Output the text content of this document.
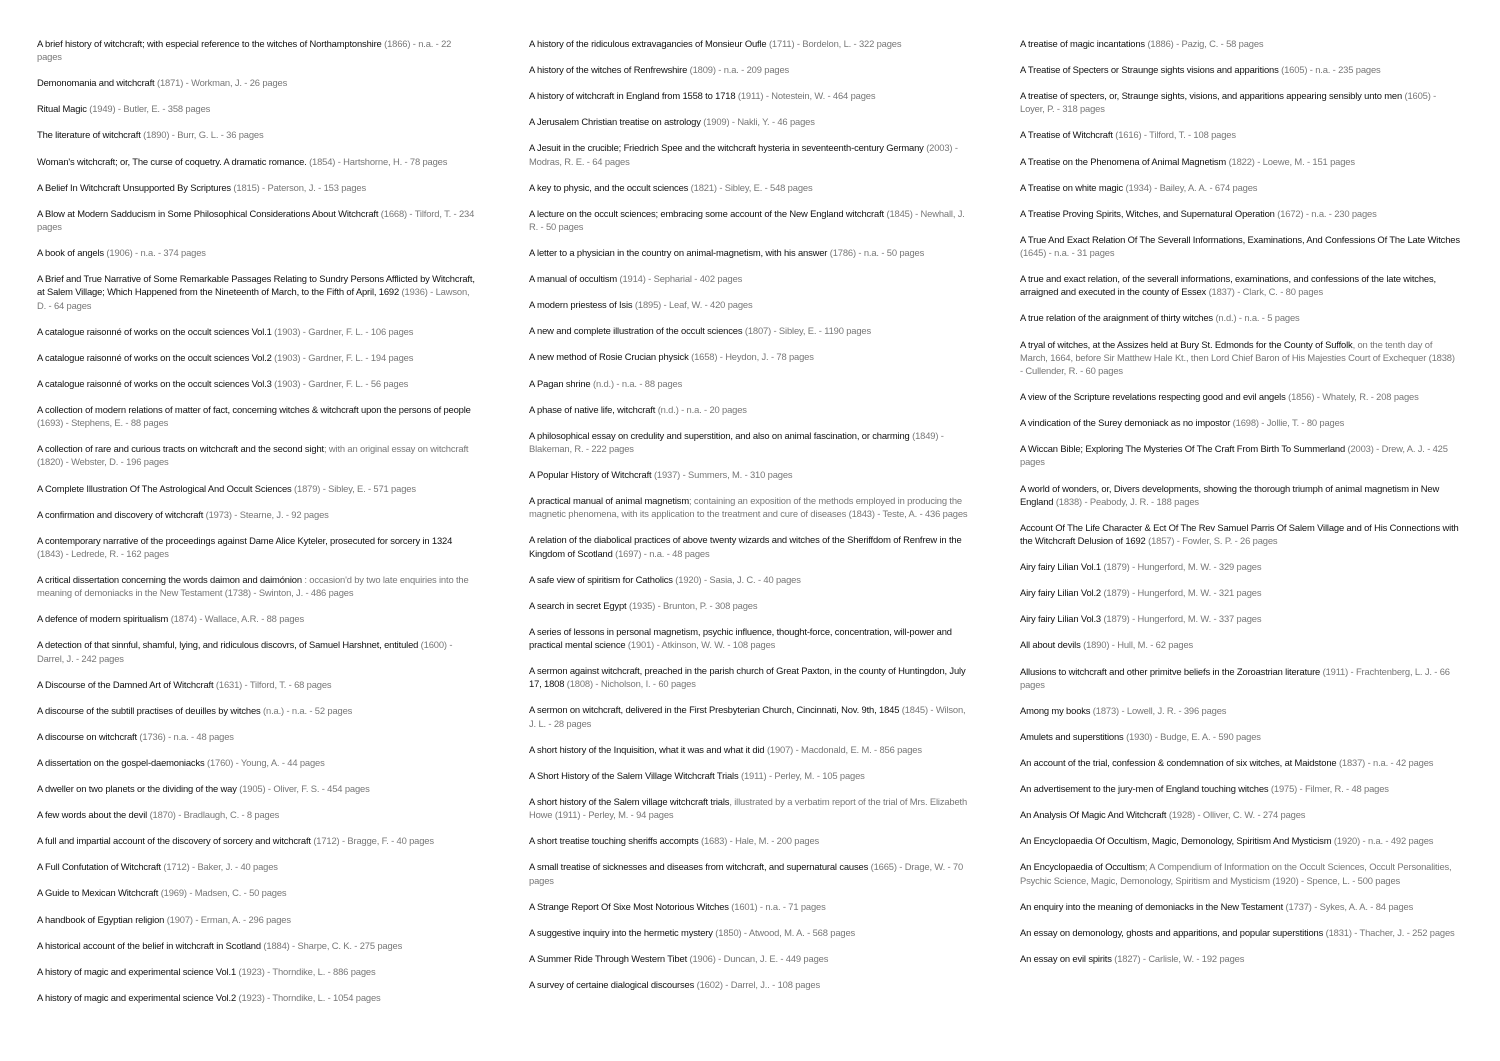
A brief history of witchcraft; with especial reference to the witches of Northamptonshire (1866) - n.a. - 22 pages

Demonomania and witchcraft (1871) - Workman, J. - 26 pages

Ritual Magic (1949) - Butler, E. - 358 pages

The literature of witchcraft (1890) - Burr, G. L. - 36 pages

Woman's witchcraft; or, The curse of coquetry. A dramatic romance. (1854) - Hartshorne, H. - 78 pages

A Belief In Witchcraft Unsupported By Scriptures (1815) - Paterson, J. - 153 pages

A Blow at Modern Sadducism in Some Philosophical Considerations About Witchcraft (1668) - Tilford, T. - 234 pages

A book of angels (1906) - n.a. - 374 pages

A Brief and True Narrative of Some Remarkable Passages Relating to Sundry Persons Afflicted by Witchcraft, at Salem Village; Which Happened from the Nineteenth of March, to the Fifth of April, 1692 (1936) - Lawson, D. - 64 pages

A catalogue raisonné of works on the occult sciences Vol.1 (1903) - Gardner, F. L. - 106 pages

A catalogue raisonné of works on the occult sciences Vol.2 (1903) - Gardner, F. L. - 194 pages

A catalogue raisonné of works on the occult sciences Vol.3 (1903) - Gardner, F. L. - 56 pages

A collection of modern relations of matter of fact, concerning witches & witchcraft upon the persons of people (1693) - Stephens, E. - 88 pages

A collection of rare and curious tracts on witchcraft and the second sight; with an original essay on witchcraft (1820) - Webster, D. - 196 pages

A Complete Illustration Of The Astrological And Occult Sciences (1879) - Sibley, E. - 571 pages

A confirmation and discovery of witchcraft (1973) - Stearne, J. - 92 pages

A contemporary narrative of the proceedings against Dame Alice Kyteler, prosecuted for sorcery in 1324 (1843) - Ledrede, R. - 162 pages

A critical dissertation concerning the words daimon and daimónion : occasion'd by two late enquiries into the meaning of demoniacks in the New Testament (1738) - Swinton, J. - 486 pages

A defence of modern spiritualism (1874) - Wallace, A.R. - 88 pages

A detection of that sinnful, shamful, lying, and ridiculous discovrs, of Samuel Harshnet, entituled (1600) - Darrel, J. - 242 pages

A Discourse of the Damned Art of Witchcraft (1631) - Tilford, T. - 68 pages

A discourse of the subtill practises of deuilles by witches (n.a.) - n.a. - 52 pages

A discourse on witchcraft (1736) - n.a. - 48 pages

A dissertation on the gospel-daemoniacks (1760) - Young, A. - 44 pages

A dweller on two planets or the dividing of the way (1905) - Oliver, F. S. - 454 pages

A few words about the devil (1870) - Bradlaugh, C. - 8 pages

A full and impartial account of the discovery of sorcery and witchcraft (1712) - Bragge, F. - 40 pages

A Full Confutation of Witchcraft (1712) - Baker, J. - 40 pages

A Guide to Mexican Witchcraft (1969) - Madsen, C. - 50 pages

A handbook of Egyptian religion (1907) - Erman, A. - 296 pages

A historical account of the belief in witchcraft in Scotland (1884) - Sharpe, C. K. - 275 pages

A history of magic and experimental science Vol.1 (1923) - Thorndike, L. - 886 pages

A history of magic and experimental science Vol.2 (1923) - Thorndike, L. - 1054 pages

A history of the ridiculous extravagancies of Monsieur Oufle (1711) - Bordelon, L. - 322 pages

A history of the witches of Renfrewshire (1809) - n.a. - 209 pages

A history of witchcraft in England from 1558 to 1718 (1911) - Notestein, W. - 464 pages

A Jerusalem Christian treatise on astrology (1909) - Nakli, Y. - 46 pages

A Jesuit in the crucible; Friedrich Spee and the witchcraft hysteria in seventeenth-century Germany (2003) - Modras, R. E. - 64 pages

A key to physic, and the occult sciences (1821) - Sibley, E. - 548 pages

A lecture on the occult sciences; embracing some account of the New England witchcraft (1845) - Newhall, J. R. - 50 pages

A letter to a physician in the country on animal-magnetism, with his answer (1786) - n.a. - 50 pages

A manual of occultism (1914) - Sepharial - 402 pages

A modern priestess of Isis (1895) - Leaf, W. - 420 pages

A new and complete illustration of the occult sciences (1807) - Sibley, E. - 1190 pages

A new method of Rosie Crucian physick (1658) - Heydon, J. - 78 pages

A Pagan shrine (n.d.) - n.a. - 88 pages

A phase of native life, witchcraft (n.d.) - n.a. - 20 pages

A philosophical essay on credulity and superstition, and also on animal fascination, or charming (1849) - Blakeman, R. - 222 pages

A Popular History of Witchcraft (1937) - Summers, M. - 310 pages

A practical manual of animal magnetism; containing an exposition of the methods employed in producing the magnetic phenomena, with its application to the treatment and cure of diseases (1843) - Teste, A. - 436 pages

A relation of the diabolical practices of above twenty wizards and witches of the Sheriffdom of Renfrew in the Kingdom of Scotland (1697) - n.a. - 48 pages

A safe view of spiritism for Catholics (1920) - Sasia, J. C. - 40 pages

A search in secret Egypt (1935) - Brunton, P. - 308 pages

A series of lessons in personal magnetism, psychic influence, thought-force, concentration, will-power and practical mental science (1901) - Atkinson, W. W. - 108 pages

A sermon against witchcraft, preached in the parish church of Great Paxton, in the county of Huntingdon, July 17, 1808 (1808) - Nicholson, I. - 60 pages

A sermon on witchcraft, delivered in the First Presbyterian Church, Cincinnati, Nov. 9th, 1845 (1845) - Wilson, J. L. - 28 pages

A short history of the Inquisition, what it was and what it did (1907) - Macdonald, E. M. - 856 pages

A Short History of the Salem Village Witchcraft Trials (1911) - Perley, M. - 105 pages

A short history of the Salem village witchcraft trials, illustrated by a verbatim report of the trial of Mrs. Elizabeth Howe (1911) - Perley, M. - 94 pages

A short treatise touching sheriffs accompts (1683) - Hale, M. - 200 pages

A small treatise of sicknesses and diseases from witchcraft, and supernatural causes (1665) - Drage, W. - 70 pages

A Strange Report Of Sixe Most Notorious Witches (1601) - n.a. - 71 pages

A suggestive inquiry into the hermetic mystery (1850) - Atwood, M. A. - 568 pages

A Summer Ride Through Western Tibet (1906) - Duncan, J. E. - 449 pages

A survey of certaine dialogical discourses (1602) - Darrel, J.. - 108 pages

A treatise of magic incantations (1886) - Pazig, C. - 58 pages

A Treatise of Specters or Straunge sights visions and apparitions (1605) - n.a. - 235 pages

A treatise of specters, or, Straunge sights, visions, and apparitions appearing sensibly unto men (1605) - Loyer, P. - 318 pages

A Treatise of Witchcraft (1616) - Tilford, T. - 108 pages

A Treatise on the Phenomena of Animal Magnetism (1822) - Loewe, M. - 151 pages

A Treatise on white magic (1934) - Bailey, A. A. - 674 pages

A Treatise Proving Spirits, Witches, and Supernatural Operation (1672) - n.a. - 230 pages

A True And Exact Relation Of The Severall Informations, Examinations, And Confessions Of The Late Witches (1645) - n.a. - 31 pages

A true and exact relation, of the severall informations, examinations, and confessions of the late witches, arraigned and executed in the county of Essex (1837) - Clark, C. - 80 pages

A true relation of the araignment of thirty witches (n.d.) - n.a. - 5 pages

A tryal of witches, at the Assizes held at Bury St. Edmonds for the County of Suffolk, on the tenth day of March, 1664, before Sir Matthew Hale Kt., then Lord Chief Baron of His Majesties Court of Exchequer (1838) - Cullender, R. - 60 pages

A view of the Scripture revelations respecting good and evil angels (1856) - Whately, R. - 208 pages

A vindication of the Surey demoniack as no impostor (1698) - Jollie, T. - 80 pages

A Wiccan Bible; Exploring The Mysteries Of The Craft From Birth To Summerland (2003) - Drew, A. J. - 425 pages

A world of wonders, or, Divers developments, showing the thorough triumph of animal magnetism in New England (1838) - Peabody, J. R. - 188 pages

Account Of The Life Character & Ect Of The Rev Samuel Parris Of Salem Village and of His Connections with the Witchcraft Delusion of 1692 (1857) - Fowler, S. P. - 26 pages

Airy fairy Lilian Vol.1 (1879) - Hungerford, M. W. - 329 pages

Airy fairy Lilian Vol.2 (1879) - Hungerford, M. W. - 321 pages

Airy fairy Lilian Vol.3 (1879) - Hungerford, M. W. - 337 pages

All about devils (1890) - Hull, M. - 62 pages

Allusions to witchcraft and other primitve beliefs in the Zoroastrian literature (1911) - Frachtenberg, L. J. - 66 pages

Among my books (1873) - Lowell, J. R. - 396 pages

Amulets and superstitions (1930) - Budge, E. A. - 590 pages

An account of the trial, confession & condemnation of six witches, at Maidstone (1837) - n.a. - 42 pages

An advertisement to the jury-men of England touching witches (1975) - Filmer, R. - 48 pages

An Analysis Of Magic And Witchcraft (1928) - Olliver, C. W. - 274 pages

An Encyclopaedia Of Occultism, Magic, Demonology, Spiritism And Mysticism (1920) - n.a. - 492 pages

An Encyclopaedia of Occultism; A Compendium of Information on the Occult Sciences, Occult Personalities, Psychic Science, Magic, Demonology, Spiritism and Mysticism (1920) - Spence, L. - 500 pages

An enquiry into the meaning of demoniacks in the New Testament (1737) - Sykes, A. A. - 84 pages

An essay on demonology, ghosts and apparitions, and popular superstitions (1831) - Thacher, J. - 252 pages

An essay on evil spirits (1827) - Carlisle, W. - 192 pages
